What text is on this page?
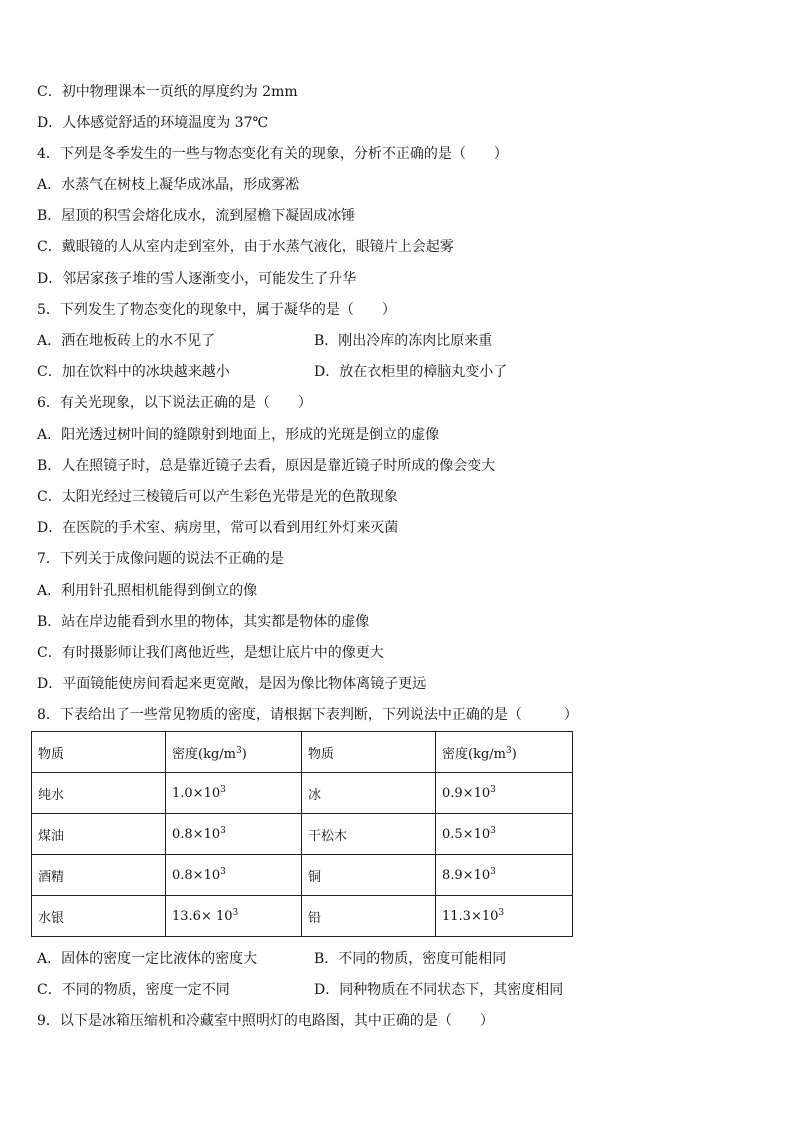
C．初中物理课本一页纸的厚度约为 2mm
D．人体感觉舒适的环境温度为 37℃
4．下列是冬季发生的一些与物态变化有关的现象，分析不正确的是（　　）
A．水蒸气在树枝上凝华成冰晶，形成雾凇
B．屋顶的积雪会熔化成水，流到屋檐下凝固成冰锤
C．戴眼镜的人从室内走到室外，由于水蒸气液化，眼镜片上会起雾
D．邻居家孩子堆的雪人逐渐变小，可能发生了升华
5．下列发生了物态变化的现象中，属于凝华的是（　　）
A．洒在地板砖上的水不见了	B．刚出冷库的冻肉比原来重
C．加在饮料中的冰块越来越小	D．放在衣柜里的樟脑丸变小了
6．有关光现象，以下说法正确的是（　　）
A．阳光透过树叶间的缝隙射到地面上，形成的光斑是倒立的虚像
B．人在照镜子时，总是靠近镜子去看，原因是靠近镜子时所成的像会变大
C．太阳光经过三棱镜后可以产生彩色光带是光的色散现象
D．在医院的手术室、病房里，常可以看到用红外灯来灭菌
7．下列关于成像问题的说法不正确的是
A．利用针孔照相机能得到倒立的像
B．站在岸边能看到水里的物体，其实都是物体的虚像
C．有时摄影师让我们离他近些，是想让底片中的像更大
D．平面镜能使房间看起来更宽敞，是因为像比物体离镜子更远
8．下表给出了一些常见物质的密度，请根据下表判断，下列说法中正确的是（　　　）
物质	密度$(kg/m^3)$	物质	密度$(kg/m^3)$
纯水	$1.0\times 10^3$	冰	$0.9\times 10^3$
煤油	$0.8\times 10^3$	干松木	$0.5\times 10^3$
酒精	$0.8\times 10^3$	铜	$8.9\times 10^3$
水银	$13.6\times 10^3$	铅	$11.3\times 10^3$
A．固体的密度一定比液体的密度大	B．不同的物质，密度可能相同
C．不同的物质，密度一定不同	D．同种物质在不同状态下，其密度相同
9．以下是冰箱压缩机和冷藏室中照明灯的电路图，其中正确的是（　　）
